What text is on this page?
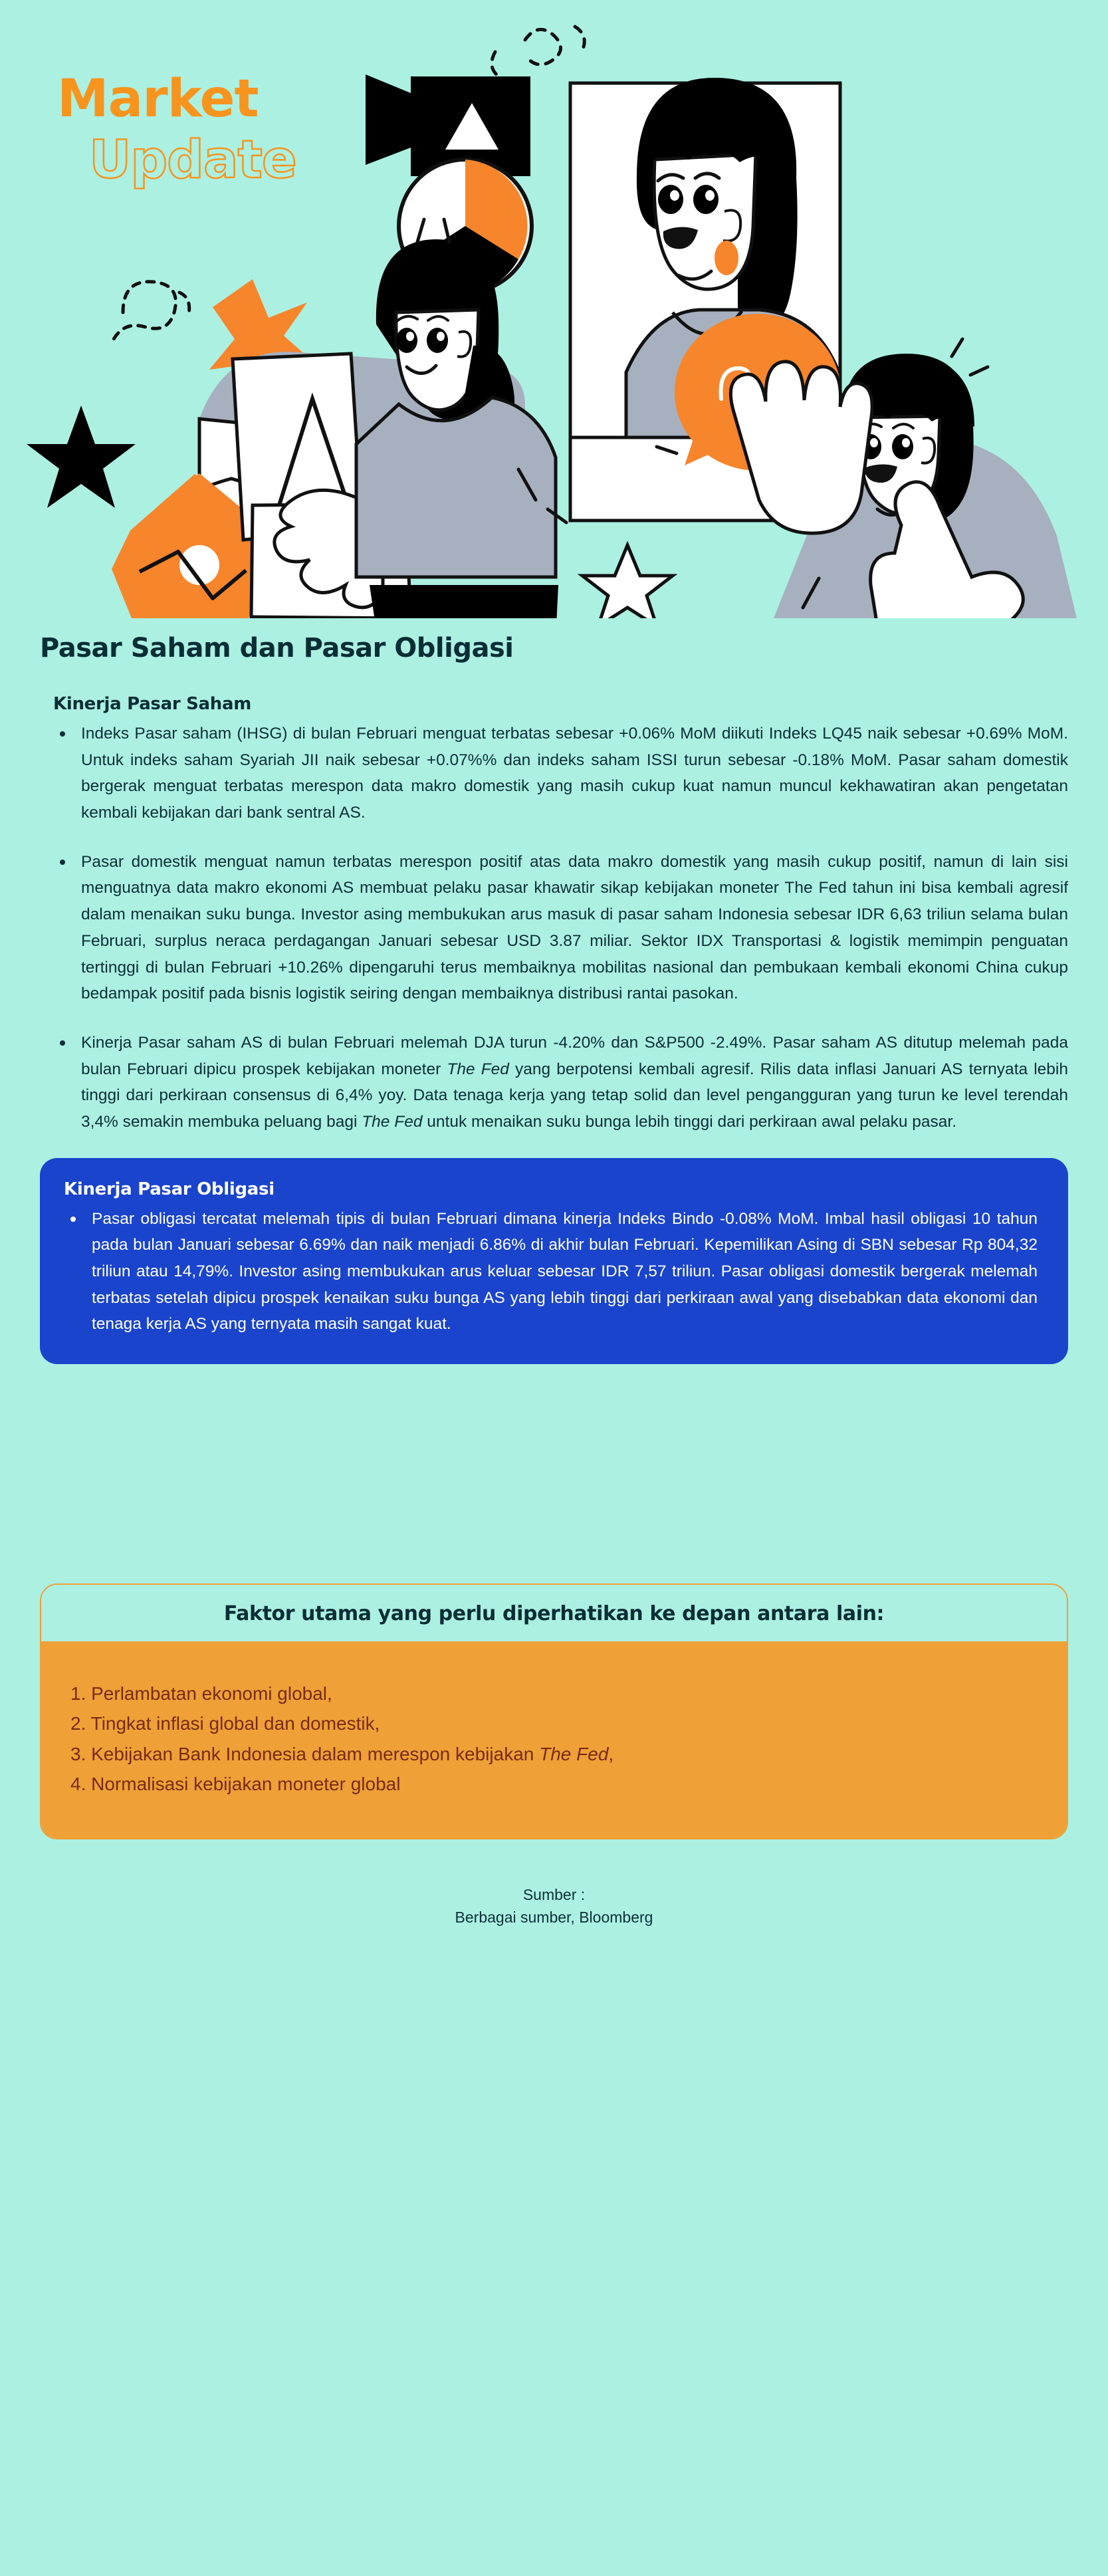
Market
Pasar Saham dan Pasar Obligasi
Kinerja Pasar Saham
Indeks Pasar saham (IHSG) di bulan Februari menguat terbatas sebesar +0.06% MoM diikuti Indeks LQ45 naik sebesar +0.69% MoM. Untuk indeks saham Syariah JII naik sebesar +0.07%% dan indeks saham ISSI turun sebesar -0.18% MoM. Pasar saham domestik bergerak menguat terbatas merespon data makro domestik yang masih cukup kuat namun muncul kekhawatiran akan pengetatan kembali kebijakan dari bank sentral AS.
Pasar domestik menguat namun terbatas merespon positif atas data makro domestik yang masih cukup positif, namun di lain sisi menguatnya data makro ekonomi AS membuat pelaku pasar khawatir sikap kebijakan moneter The Fed tahun ini bisa kembali agresif dalam menaikan suku bunga. Investor asing membukukan arus masuk di pasar saham Indonesia sebesar IDR 6,63 triliun selama bulan Februari, surplus neraca perdagangan Januari sebesar USD 3.87 miliar. Sektor IDX Transportasi & logistik memimpin penguatan tertinggi di bulan Februari +10.26% dipengaruhi terus membaiknya mobilitas nasional dan pembukaan kembali ekonomi China cukup bedampak positif pada bisnis logistik seiring dengan membaiknya distribusi rantai pasokan.
Kinerja Pasar saham AS di bulan Februari melemah DJA turun -4.20% dan S&P500 -2.49%. Pasar saham AS ditutup melemah pada bulan Februari dipicu prospek kebijakan moneter The Fed yang berpotensi kembali agresif. Rilis data inflasi Januari AS ternyata lebih tinggi dari perkiraan consensus di 6,4% yoy. Data tenaga kerja yang tetap solid dan level pengangguran yang turun ke level terendah 3,4% semakin membuka peluang bagi The Fed untuk menaikan suku bunga lebih tinggi dari perkiraan awal pelaku pasar.
Kinerja Pasar Obligasi
Pasar obligasi tercatat melemah tipis di bulan Februari dimana kinerja Indeks Bindo -0.08% MoM. Imbal hasil obligasi 10 tahun pada bulan Januari sebesar 6.69% dan naik menjadi 6.86% di akhir bulan Februari. Kepemilikan Asing di SBN sebesar Rp 804,32 triliun atau 14,79%. Investor asing membukukan arus keluar sebesar IDR 7,57 triliun. Pasar obligasi domestik bergerak melemah terbatas setelah dipicu prospek kenaikan suku bunga AS yang lebih tinggi dari perkiraan awal yang disebabkan data ekonomi dan tenaga kerja AS yang ternyata masih sangat kuat.
Faktor utama yang perlu diperhatikan ke depan antara lain:
1. Perlambatan ekonomi global,
2. Tingkat inflasi global dan domestik,
3. Kebijakan Bank Indonesia dalam merespon kebijakan The Fed,
4. Normalisasi kebijakan moneter global
Sumber :
Berbagai sumber, Bloomberg
